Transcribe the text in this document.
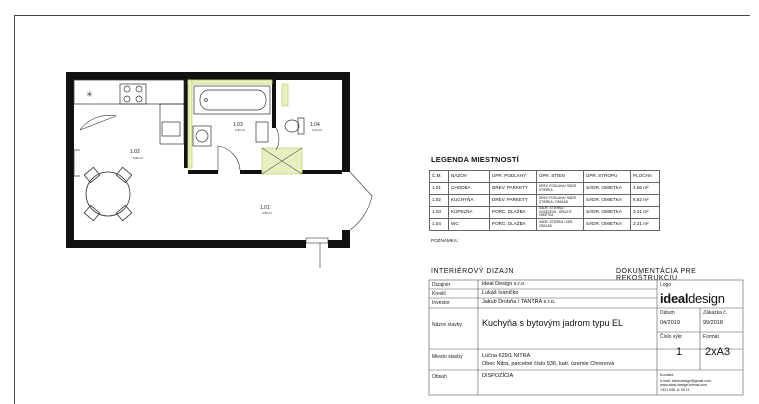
✳
1.02
6,82 m²
1.03
3,31 m²
1.04
2,21 m²
1.01
4,56 m²
LEGENDA MIESTNOSTÍ
Č.M.	NÁZOV	UPR. PODLAHY	ÚPR. STIEN	ÚPR. STROPU	PLOCHA
1.01	CHODBA	DREV. PARKETY	DREV. PODLAHA / SÁDR. STIERKA	SÁDR. OMIETKA	4,56 m²
1.02	KUCHYŇA	DREV. PARKETY	DREV. PODLAHA / SÁDR. STIERKA / OBKLAD	SÁDR. OMIETKA	6,82 m²
1.03	KÚPEĽŇA	PORC. DLAŽBA	SÁDR. STIERKA / VODEODOL. ŠPACHT. OMIETKA	SÁDR. OMIETKA	3,31 m²
1.04	WC	PORC. DLAŽBA	SÁDR. STIERKA / KER. OBKLAD	SÁDR. OMIETKA	2,21 m²
POZNÁMKA:
INTERIÉROVÝ DIZAJN	DOKUMENTÁCIA PRE REKOŠTRUKCIU
Dizajnér	ideal Design s.r.o.
Kreslil	Lukáš Ivaničko
Investor	Jakub Drobňa / TANTRA s.r.o.
Názov stavby Kuchyňa s bytovým jadrom typu EL
Miesto stavby	Lúčna 629/1 NITRA
Obec Nitra, parcelné číslo 936, katr. územie Chrenová
Obsah	DISPOZÍCIA
Logo
idealdesign
Dátum
04/2019
Zákazka č.
99/2018
Číslo výkr.
1
Formát
2xA3
Kontakt:
e-mail: ideal.design@gmail.com
www.ideal-design-format.com
+421 948 11 90 11
